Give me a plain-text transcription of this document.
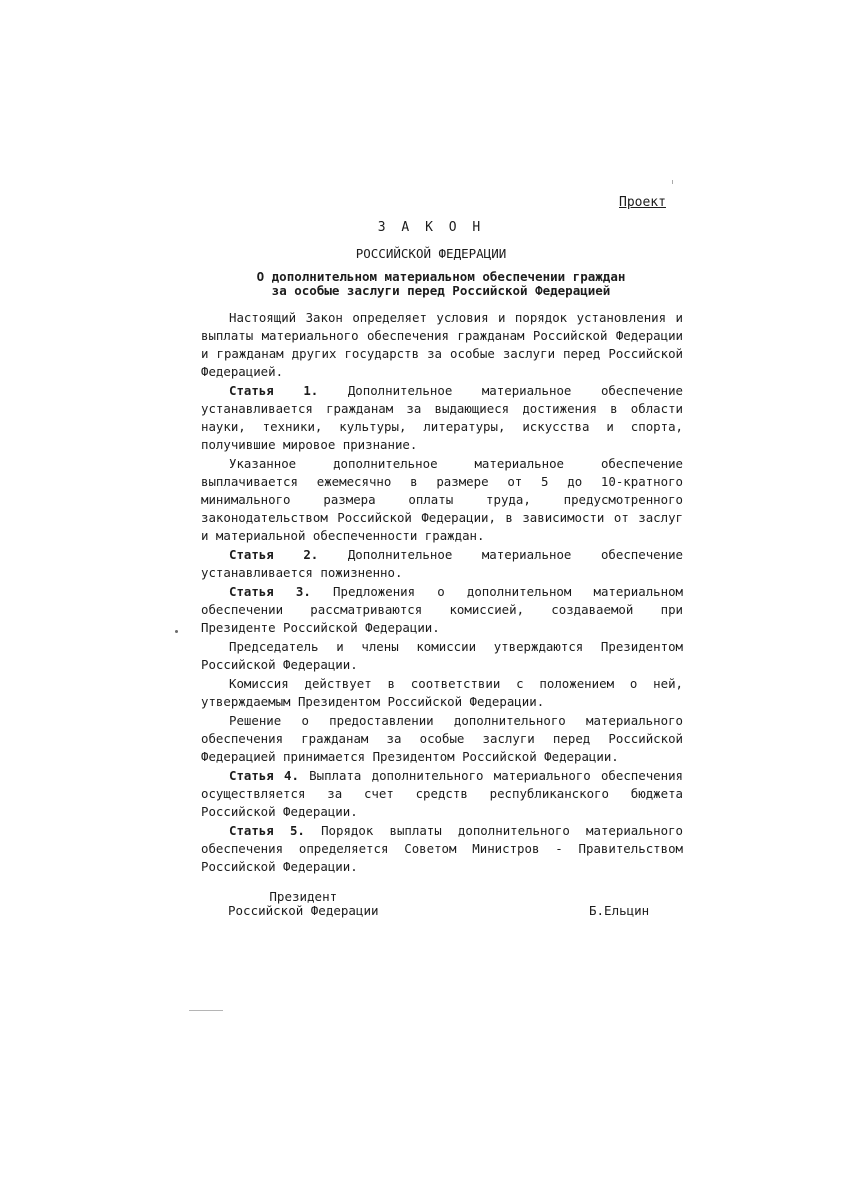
Проект
З А К О Н
РОССИЙСКОЙ ФЕДЕРАЦИИ
О дополнительном материальном обеспечении граждан
за особые заслуги перед Российской Федерацией

Настоящий Закон определяет условия и порядок установления и выплаты материального обеспечения гражданам Российской Федерации и гражданам других государств за особые заслуги перед Российской Федерацией.

Статья 1. Дополнительное материальное обеспечение устанавливается гражданам за выдающиеся достижения в области науки, техники, культуры, литературы, искусства и спорта, получившие мировое признание.

Указанное дополнительное материальное обеспечение выплачивается ежемесячно в размере от 5 до 10-кратного минимального размера оплаты труда, предусмотренного законодательством Российской Федерации, в зависимости от заслуг и материальной обеспеченности граждан.

Статья 2. Дополнительное материальное обеспечение устанавливается пожизненно.

Статья 3. Предложения о дополнительном материальном обеспечении рассматриваются комиссией, создаваемой при Президенте Российской Федерации.

Председатель и члены комиссии утверждаются Президентом Российской Федерации.

Комиссия действует в соответствии с положением о ней, утверждаемым Президентом Российской Федерации.

Решение о предоставлении дополнительного материального обеспечения гражданам за особые заслуги перед Российской Федерацией принимается Президентом Российской Федерации.

Статья 4. Выплата дополнительного материального обеспечения осуществляется за счет средств республиканского бюджета Российской Федерации.

Статья 5. Порядок выплаты дополнительного материального обеспечения определяется Советом Министров - Правительством Российской Федерации.

Президент
Российской Федерации	Б.Ельцин
